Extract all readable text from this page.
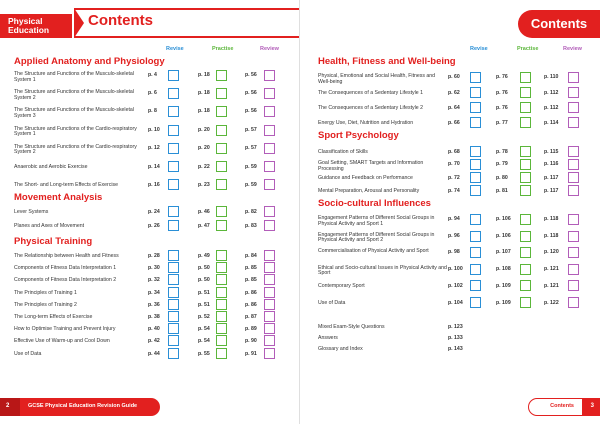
Physical Education
Contents
Revise	Practise	Review
Applied Anatomy and Physiology
The Structure and Functions of the Musculo-skeletal System 1
p. 4	p. 18	p. 56
The Structure and Functions of the Musculo-skeletal System 2
p. 6	p. 18	p. 56
The Structure and Functions of the Musculo-skeletal System 3
p. 8	p. 18	p. 56
The Structure and Functions of the Cardio-respiratory System 1
p. 10	p. 20	p. 57
The Structure and Functions of the Cardio-respiratory System 2
p. 12	p. 20	p. 57
Anaerobic and Aerobic Exercise	p. 14	p. 22	p. 59
The Short- and Long-term Effects of Exercise	p. 16	p. 23	p. 59
Movement Analysis
Lever Systems	p. 24	p. 46	p. 82
Planes and Axes of Movement	p. 26	p. 47	p. 83
Physical Training
The Relationship between Health and Fitness	p. 28	p. 49	p. 84
Components of Fitness Data Interpretation 1	p. 30	p. 50	p. 85
Components of Fitness Data Interpretation 2	p. 32	p. 50	p. 85
The Principles of Training 1	p. 34	p. 51	p. 86
The Principles of Training 2	p. 36	p. 51	p. 86
The Long-term Effects of Exercise	p. 38	p. 52	p. 87
How to Optimise Training and Prevent Injury	p. 40	p. 54	p. 89
Effective Use of Warm-up and Cool Down	p. 42	p. 54	p. 90
Use of Data	p. 44	p. 55	p. 91
2	GCSE Physical Education Revision Guide
Contents
Revise	Practise	Review
Health, Fitness and Well-being
Physical, Emotional and Social Health, Fitness and Well-being
p. 60	p. 76	p. 110
The Consequences of a Sedentary Lifestyle 1	p. 62	p. 76	p. 112
The Consequences of a Sedentary Lifestyle 2	p. 64	p. 76	p. 112
Energy Use, Diet, Nutrition and Hydration	p. 66	p. 77	p. 114
Sport Psychology
Classification of Skills	p. 68	p. 78	p. 115
Goal Setting, SMART Targets and Information Processing
p. 70	p. 79	p. 116
Guidance and Feedback on Performance	p. 72	p. 80	p. 117
Mental Preparation, Arousal and Personality	p. 74	p. 81	p. 117
Socio-cultural Influences
Engagement Patterns of Different Social Groups in Physical Activity and Sport 1
p. 94	p. 106	p. 118
Engagement Patterns of Different Social Groups in Physical Activity and Sport 2
p. 96	p. 106	p. 118
Commercialisation of Physical Activity and Sport	p. 98	p. 107	p. 120
Ethical and Socio-cultural Issues in Physical Activity and Sport
p. 100	p. 108	p. 121
Contemporary Sport	p. 102	p. 109	p. 121
Use of Data	p. 104	p. 109	p. 122
Mixed Exam-Style Questions	p. 123
Answers	p. 133
Glossary and Index	p. 143
Contents	3
